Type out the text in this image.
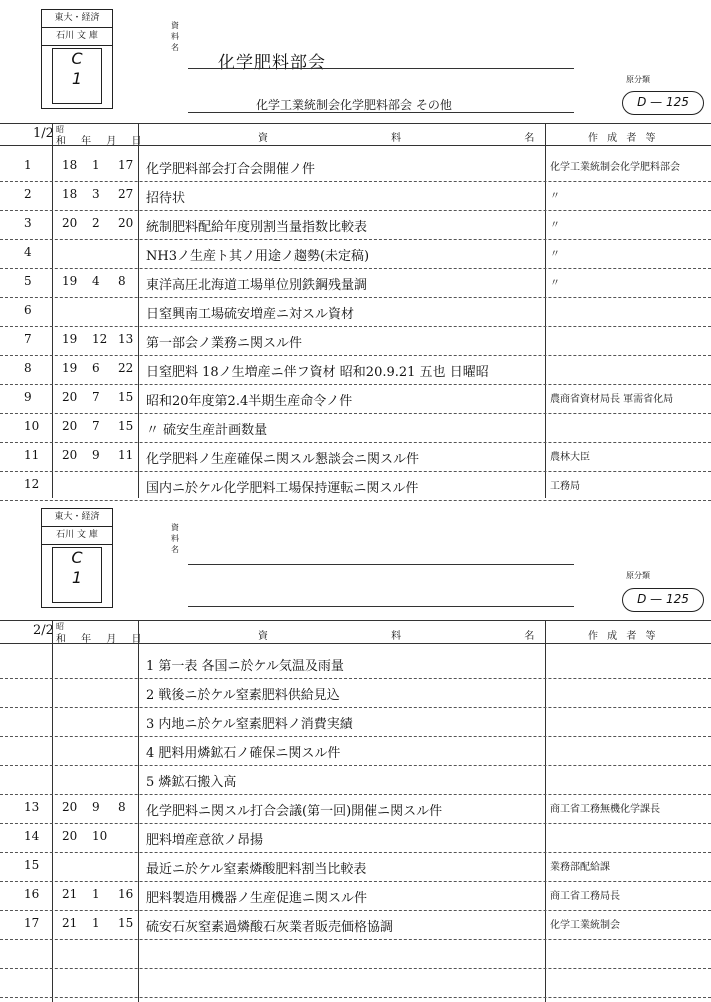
東大・経済
石川 文 庫
C
1
資
料
名
化学肥料部会
原分類
化学工業統制会化学肥料部会 その他	D — 125
1/2 昭
和 年 月 日	資 料 名
作 成 者 等
1	18 1 17 化学肥料部会打合会開催ノ件	化学工業統制会化学肥料部会
2	18 3 27 招待状	〃
3	20 2 20 統制肥料配給年度別割当量指数比較表	〃
4	NH3ノ生産ト其ノ用途ノ趨勢(未定稿)	〃
5	19 4 8 東洋高圧北海道工場単位別鉄鋼残量調	〃
6	日窒興南工場硫安増産ニ対スル資材
7	19 12 13 第一部会ノ業務ニ関スル件
8	19 6 22 日窒肥料 18ノ生増産ニ伴フ資材 昭和20.9.21 五也 日曜昭
9	20 7 15 昭和20年度第2.4半期生産命令ノ件	農商省資材局長 軍需省化局
10 20 7 15 〃 硫安生産計画数量
11 20 9 11 化学肥料ノ生産確保ニ関スル懇談会ニ関スル件	農林大臣
12	国内ニ於ケル化学肥料工場保持運転ニ関スル件	工務局
東大・経済
石川 文 庫
C
1
資
料
名
原分類
D — 125
2/2 昭
和 年 月 日	資 料 名
作 成 者 等
1 第一表 各国ニ於ケル気温及雨量
2 戦後ニ於ケル窒素肥料供給見込
3 内地ニ於ケル窒素肥料ノ消費実績
4 肥料用燐鉱石ノ確保ニ関スル件
5 燐鉱石搬入高
13 20 9 8 化学肥料ニ関スル打合会議(第一回)開催ニ関スル件	商工省工務無機化学課長
14 20 10	肥料増産意欲ノ昂揚
15	最近ニ於ケル窒素燐酸肥料割当比較表	業務部配給課
16 21 1 16 肥料製造用機器ノ生産促進ニ関スル件	商工省工務局長
17 21 1 15 硫安石灰窒素過燐酸石灰業者販売価格協調	化学工業統制会
